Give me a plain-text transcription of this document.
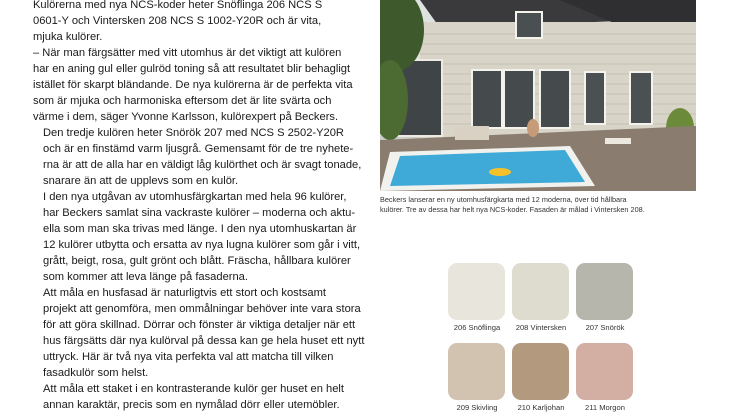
Kulörerna med nya NCS-koder heter Snöflinga 206 NCS S
0601-Y och Vintersken 208 NCS S 1002-Y20R och är vita,
mjuka kulörer.

– När man färgsätter med vitt utomhus är det viktigt att kulören
har en aning gul eller gulröd toning så att resultatet blir behagligt
istället för skarpt bländande. De nya kulörerna är de perfekta vita
som är mjuka och harmoniska eftersom det är lite svärta och
värme i dem, säger Yvonne Karlsson, kulörexpert på Beckers.

Den tredje kulören heter Snörök 207 med NCS S 2502-Y20R
och är en finstämd varm ljusgrå. Gemensamt för de tre nyhete-
rna är att de alla har en väldigt låg kulörthet och är svagt tonade,
snarare än att de upplevs som en kulör.

I den nya utgåvan av utomhusfärgkartan med hela 96 kulörer,
har Beckers samlat sina vackraste kulörer – moderna och aktu-
ella som man ska trivas med länge. I den nya utomhuskartan är
12 kulörer utbytta och ersatta av nya lugna kulörer som går i vitt,
grått, beigt, rosa, gult grönt och blått. Fräscha, hållbara kulörer
som kommer att leva länge på fasaderna.

Att måla en husfasad är naturligtvis ett stort och kostsamt
projekt att genomföra, men ommålningar behöver inte vara stora
för att göra skillnad. Dörrar och fönster är viktiga detaljer när ett
hus färgsätts där nya kulörval på dessa kan ge hela huset ett nytt
uttryck. Här är två nya vita perfekta val att matcha till vilken
fasadkulör som helst.

Att måla ett staket i en kontrasterande kulör ger huset en helt
annan karaktär, precis som en nymålad dörr eller utemöbler.

Beckers lanserar en ny utomhusfärgkarta med 12 moderna, över tid hållbara
kulörer. Tre av dessa har helt nya NCS-koder. Fasaden är målad i Vintersken 208.
206 Snöflinga	208 Vintersken	207 Snörök
209 Skivling	210 Karljohan	211 Morgon
